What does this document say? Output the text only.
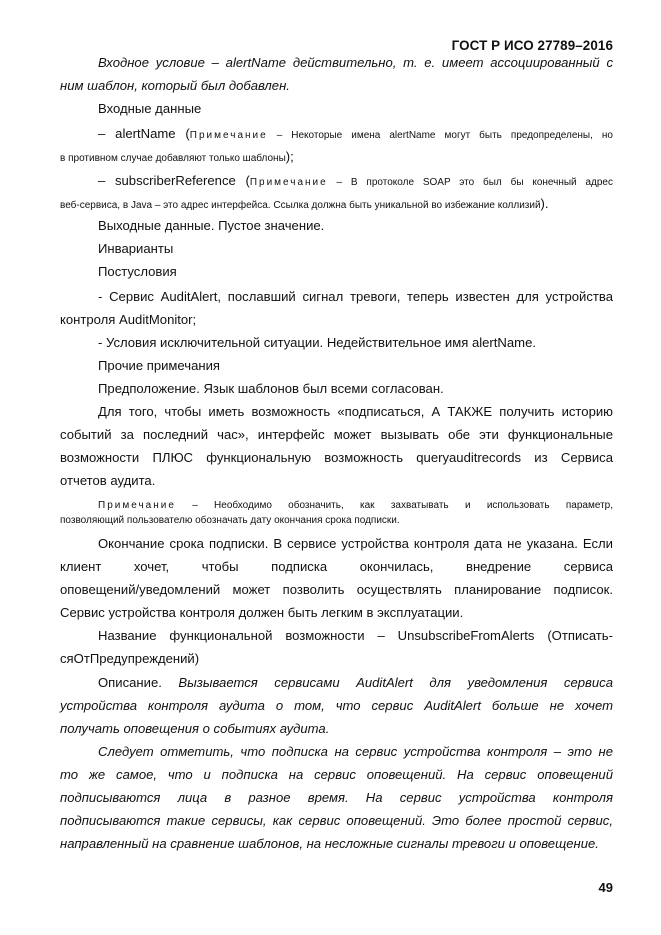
ГОСТ Р ИСО 27789–2016
Входное условие – alertName действительно, т. е. имеет ассоциированный с
ним шаблон, который был добавлен.
Входные данные
– alertName (Примечание – Некоторые имена alertName могут быть предопределены, но
в противном случае добавляют только шаблоны);
– subscriberReference (Примечание – В протоколе SOAP это был бы конечный адрес
веб-сервиса, в Java – это адрес интерфейса. Ссылка должна быть уникальной во избежание коллизий).
Выходные данные. Пустое значение.
Инварианты
Постусловия
- Сервис AuditAlert, пославший сигнал тревоги, теперь известен для устройства
контроля AuditMonitor;
- Условия исключительной ситуации. Недействительное имя alertName.
Прочие примечания
Предположение. Язык шаблонов был всеми согласован.
Для того, чтобы иметь возможность «подписаться, А ТАКЖЕ получить историю
событий за последний час», интерфейс может вызывать обе эти функциональные
возможности ПЛЮС функциональную возможность queryauditrecords из Сервиса
отчетов аудита.
Примечание – Необходимо обозначить, как захватывать и использовать параметр,
позволяющий пользователю обозначать дату окончания срока подписки.
Окончание срока подписки. В сервисе устройства контроля дата не указана. Если
клиент хочет, чтобы подписка окончилась, внедрение сервиса
оповещений/уведомлений может позволить осуществлять планирование подписок.
Сервис устройства контроля должен быть легким в эксплуатации.
Название функциональной возможности – UnsubscribeFromAlerts (Отписать-
сяОтПредупреждений)
Описание. Вызывается сервисами AuditAlert для уведомления сервиса
устройства контроля аудита о том, что сервис AuditAlert больше не хочет
получать оповещения о событиях аудита.
Следует отметить, что подписка на сервис устройства контроля – это не
то же самое, что и подписка на сервис оповещений. На сервис оповещений
подписываются лица в разное время. На сервис устройства контроля
подписываются такие сервисы, как сервис оповещений. Это более простой сервис,
направленный на сравнение шаблонов, на несложные сигналы тревоги и оповещение.
49
